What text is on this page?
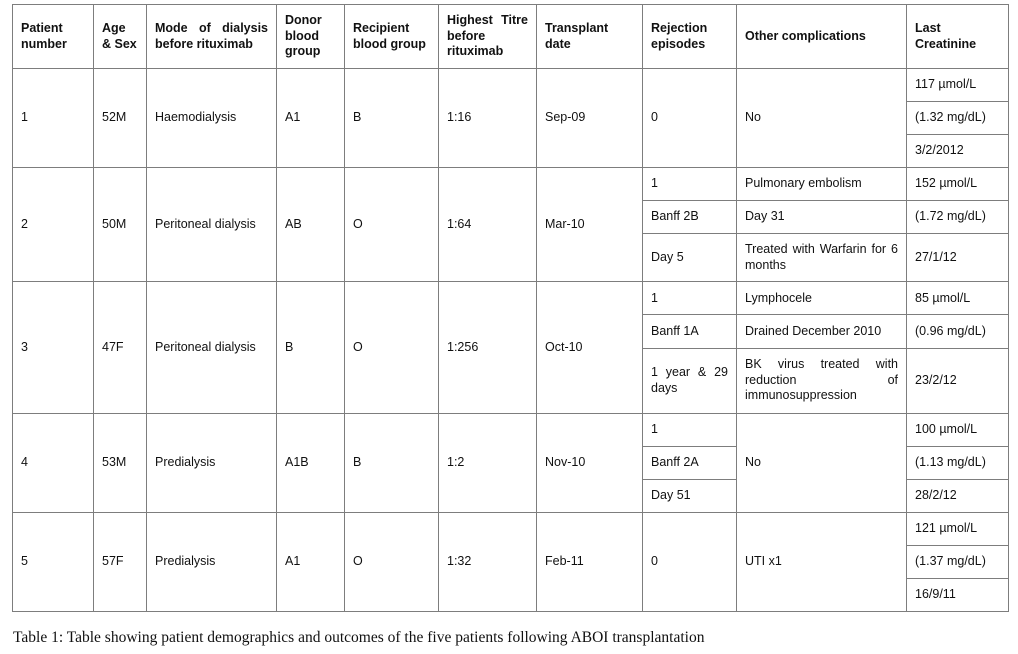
Patient number	Age & Sex	Mode of dialysis before rituximab	Donor blood group	Recipient blood group	Highest Titre before rituximab	Transplant date	Rejection episodes	Other complications	Last Creatinine
1	52M	Haemodialysis	A1	B	1:16	Sep-09	0	No	117 µmol/L
									(1.32 mg/dL)
									3/2/2012
2	50M	Peritoneal dialysis	AB	O	1:64	Mar-10	1	Pulmonary embolism	152 µmol/L
							Banff 2B	Day 31	(1.72 mg/dL)
							Day 5	Treated with Warfarin for 6 months	27/1/12
3	47F	Peritoneal dialysis	B	O	1:256	Oct-10	1	Lymphocele	85 µmol/L
							Banff 1A	Drained December 2010	(0.96 mg/dL)
							1 year & 29 days	BK virus treated with reduction of immunosuppression	23/2/12
4	53M	Predialysis	A1B	B	1:2	Nov-10	1	No	100 µmol/L
							Banff 2A		(1.13 mg/dL)
							Day 51		28/2/12
5	57F	Predialysis	A1	O	1:32	Feb-11	0	UTI x1	121 µmol/L
									(1.37 mg/dL)
									16/9/11
Table 1: Table showing patient demographics and outcomes of the five patients following ABOI transplantation
